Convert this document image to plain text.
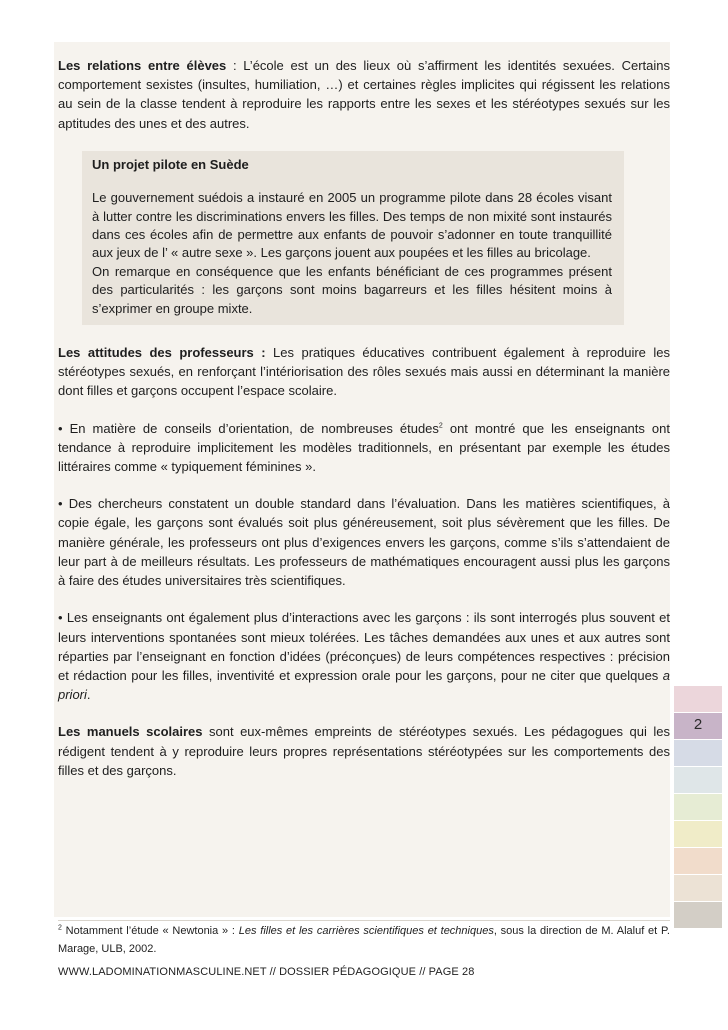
Les relations entre élèves : L’école est un des lieux où s’affirment les identités sexuées. Certains comportement sexistes (insultes, humiliation, …) et certaines règles implicites qui régissent les relations au sein de la classe tendent à reproduire les rapports entre les sexes et les stéréotypes sexués sur les aptitudes des unes et des autres.

Un projet pilote en Suède

Le gouvernement suédois a instauré en 2005 un programme pilote dans 28 écoles visant à lutter contre les discriminations envers les filles. Des temps de non mixité sont instaurés dans ces écoles afin de permettre aux enfants de pouvoir s’adonner en toute tranquillité aux jeux de l’ « autre sexe ». Les garçons jouent aux poupées et les filles au bricolage.

On remarque en conséquence que les enfants bénéficiant de ces programmes présent des particularités : les garçons sont moins bagarreurs et les filles hésitent moins à s’exprimer en groupe mixte.

Les attitudes des professeurs : Les pratiques éducatives contribuent également à reproduire les stéréotypes sexués, en renforçant l’intériorisation des rôles sexués mais aussi en déterminant la manière dont filles et garçons occupent l’espace scolaire.

• En matière de conseils d’orientation, de nombreuses études$^2$ ont montré que les enseignants ont tendance à reproduire implicitement les modèles traditionnels, en présentant par exemple les études littéraires comme « typiquement féminines ».

• Des chercheurs constatent un double standard dans l’évaluation. Dans les matières scientifiques, à copie égale, les garçons sont évalués soit plus généreusement, soit plus sévèrement que les filles. De manière générale, les professeurs ont plus d’exigences envers les garçons, comme s’ils s’attendaient de leur part à de meilleurs résultats. Les professeurs de mathématiques encouragent aussi plus les garçons à faire des études universitaires très scientifiques.

• Les enseignants ont également plus d’interactions avec les garçons : ils sont interrogés plus souvent et leurs interventions spontanées sont mieux tolérées. Les tâches demandées aux unes et aux autres sont réparties par l’enseignant en fonction d’idées (préconçues) de leurs compétences respectives : précision et rédaction pour les filles, inventivité et expression orale pour les garçons, pour ne citer que quelques a priori.

Les manuels scolaires sont eux-mêmes empreints de stéréotypes sexués. Les pédagogues qui les rédigent tendent à y reproduire leurs propres représentations stéréotypées sur les comportements des filles et des garçons.

$^2$ Notamment l’étude « Newtonia » : Les filles et les carrières scientifiques et techniques, sous la direction de M. Alaluf et P. Marage, ULB, 2002.
WWW.LADOMINATIONMASCULINE.NET // DOSSIER PÉDAGOGIQUE // PAGE 28
2
